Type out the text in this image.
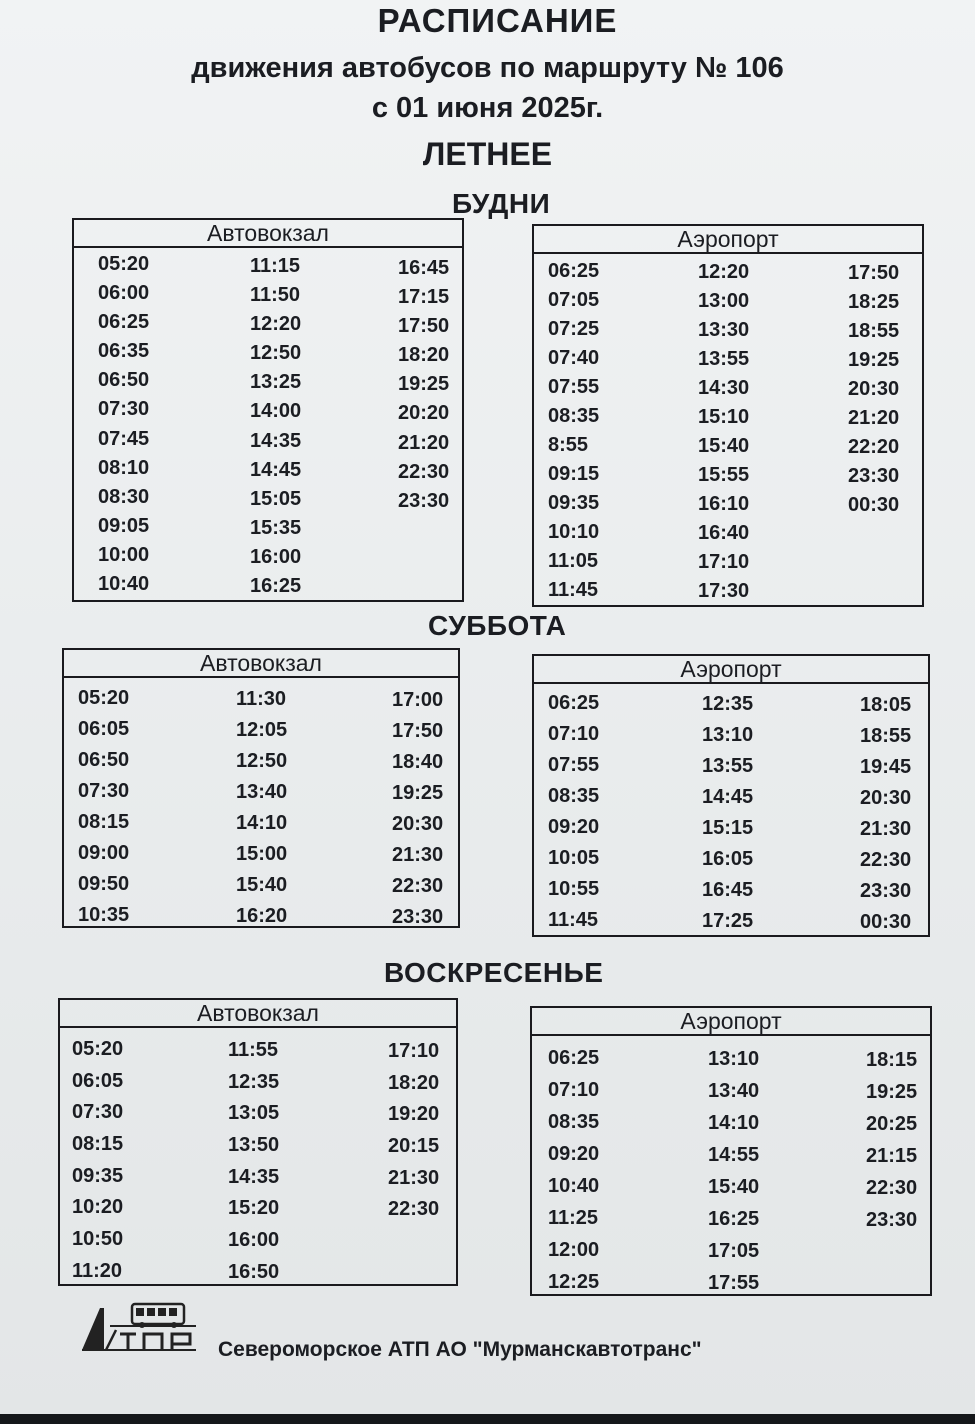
РАСПИСАНИЕ
движения автобусов по маршруту № 106
с 01 июня 2025г.
ЛЕТНЕЕ
БУДНИ
Автовокзал
05:20
06:00
06:25
06:35
06:50
07:30
07:45
08:10
08:30
09:05
10:00
10:40
11:15
11:50
12:20
12:50
13:25
14:00
14:35
14:45
15:05
15:35
16:00
16:25
16:45
17:15
17:50
18:20
19:25
20:20
21:20
22:30
23:30
Аэропорт
06:25
07:05
07:25
07:40
07:55
08:35
8:55
09:15
09:35
10:10
11:05
11:45
12:20
13:00
13:30
13:55
14:30
15:10
15:40
15:55
16:10
16:40
17:10
17:30
17:50
18:25
18:55
19:25
20:30
21:20
22:20
23:30
00:30
СУББОТА
Автовокзал
05:20
06:05
06:50
07:30
08:15
09:00
09:50
10:35
11:30
12:05
12:50
13:40
14:10
15:00
15:40
16:20
17:00
17:50
18:40
19:25
20:30
21:30
22:30
23:30
Аэропорт
06:25
07:10
07:55
08:35
09:20
10:05
10:55
11:45
12:35
13:10
13:55
14:45
15:15
16:05
16:45
17:25
18:05
18:55
19:45
20:30
21:30
22:30
23:30
00:30
ВОСКРЕСЕНЬЕ
Автовокзал
05:20
06:05
07:30
08:15
09:35
10:20
10:50
11:20
11:55
12:35
13:05
13:50
14:35
15:20
16:00
16:50
17:10
18:20
19:20
20:15
21:30
22:30
Аэропорт
06:25
07:10
08:35
09:20
10:40
11:25
12:00
12:25
13:10
13:40
14:10
14:55
15:40
16:25
17:05
17:55
18:15
19:25
20:25
21:15
22:30
23:30
Североморское АТП АО "Мурманскавтотранс"
